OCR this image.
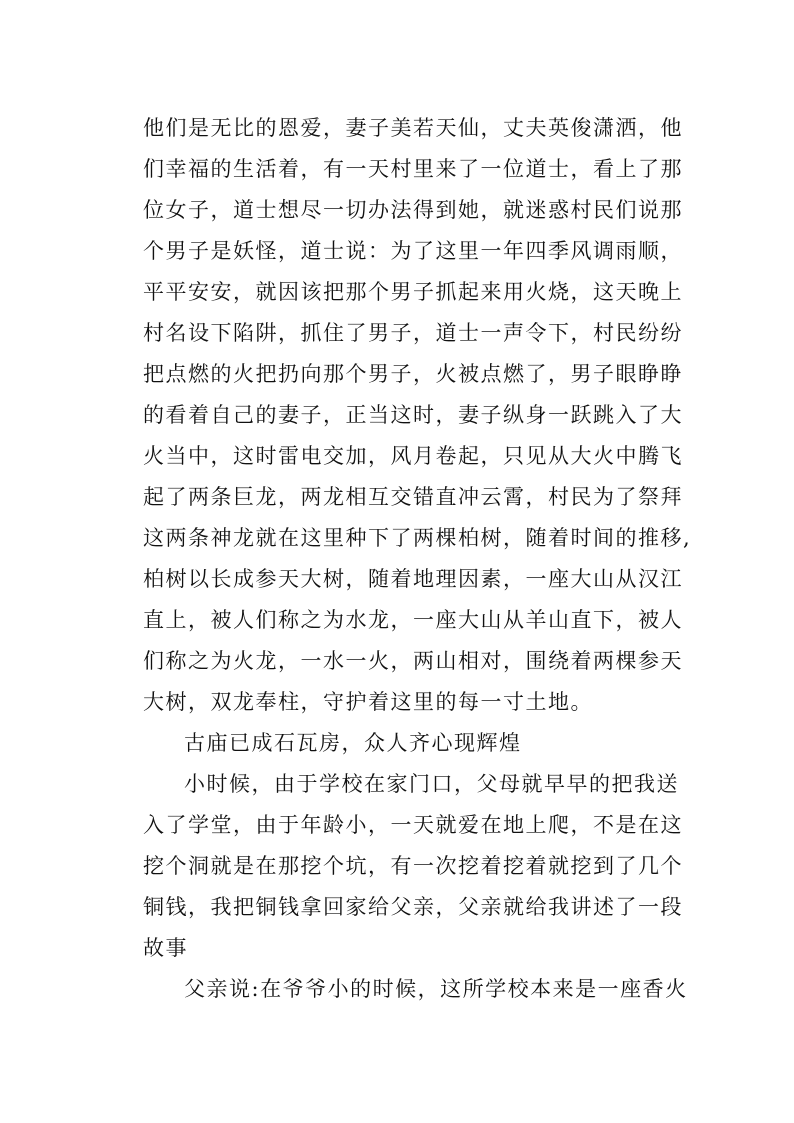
他们是无比的恩爱，妻子美若天仙，丈夫英俊潇洒，他
们幸福的生活着，有一天村里来了一位道士，看上了那
位女子，道士想尽一切办法得到她，就迷惑村民们说那
个男子是妖怪，道士说：为了这里一年四季风调雨顺，
平平安安，就因该把那个男子抓起来用火烧，这天晚上
村名设下陷阱，抓住了男子，道士一声令下，村民纷纷
把点燃的火把扔向那个男子，火被点燃了，男子眼睁睁
的看着自己的妻子，正当这时，妻子纵身一跃跳入了大
火当中，这时雷电交加，风月卷起，只见从大火中腾飞
起了两条巨龙，两龙相互交错直冲云霄，村民为了祭拜
这两条神龙就在这里种下了两棵柏树，随着时间的推移,
柏树以长成参天大树，随着地理因素，一座大山从汉江
直上，被人们称之为水龙，一座大山从羊山直下，被人
们称之为火龙，一水一火，两山相对，围绕着两棵参天
大树，双龙奉柱，守护着这里的每一寸土地。
古庙已成石瓦房，众人齐心现辉煌
小时候，由于学校在家门口，父母就早早的把我送
入了学堂，由于年龄小，一天就爱在地上爬，不是在这
挖个洞就是在那挖个坑，有一次挖着挖着就挖到了几个
铜钱，我把铜钱拿回家给父亲，父亲就给我讲述了一段
故事
父亲说:在爷爷小的时候，这所学校本来是一座香火
